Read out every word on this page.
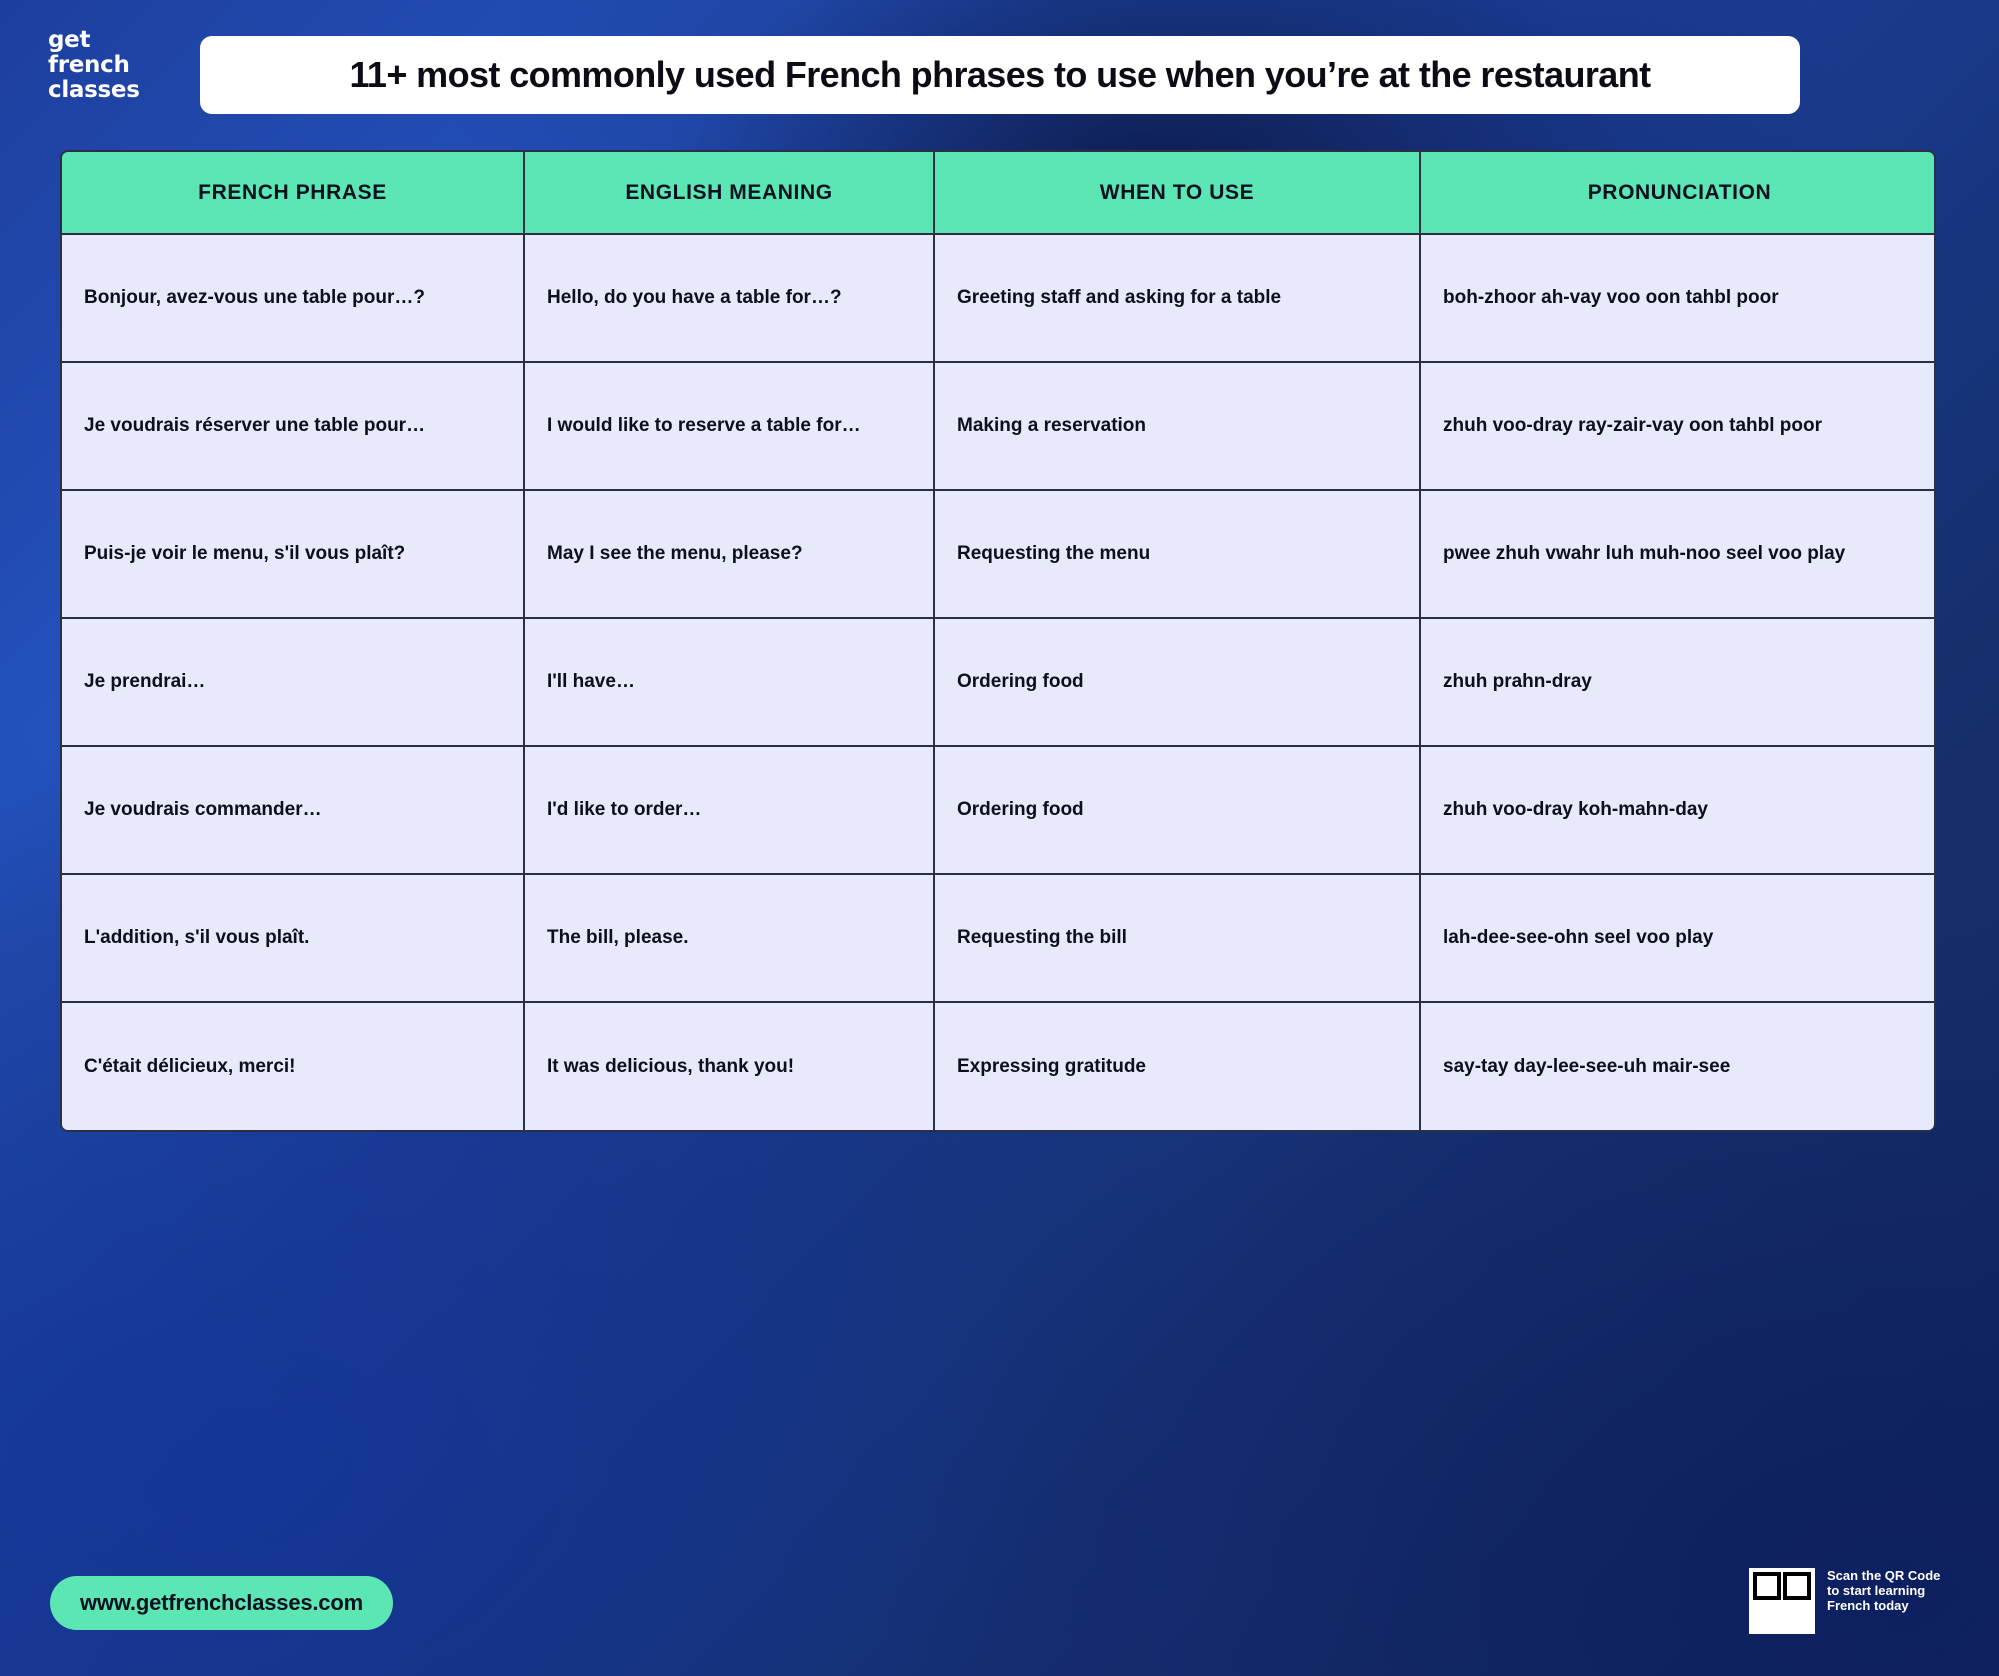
get
french
classes	11+ most commonly used French phrases to use when you’re at the restaurant
FRENCH PHRASE	ENGLISH MEANING	WHEN TO USE	PRONUNCIATION
Bonjour, avez-vous une table pour…?	Hello, do you have a table for…?	Greeting staff and asking for a table	boh-zhoor ah-vay voo oon tahbl poor
Je voudrais réserver une table pour…	I would like to reserve a table for…	Making a reservation	zhuh voo-dray ray-zair-vay oon tahbl poor
Puis-je voir le menu, s'il vous plaît?	May I see the menu, please?	Requesting the menu	pwee zhuh vwahr luh muh-noo seel voo play
Je prendrai…	I'll have…	Ordering food	zhuh prahn-dray
Je voudrais commander…	I'd like to order…	Ordering food	zhuh voo-dray koh-mahn-day
L'addition, s'il vous plaît.	The bill, please.	Requesting the bill	lah-dee-see-ohn seel voo play
C'était délicieux, merci!	It was delicious, thank you!	Expressing gratitude	say-tay day-lee-see-uh mair-see
www.getfrenchclasses.com
Scan the QR Code to start learning French today
